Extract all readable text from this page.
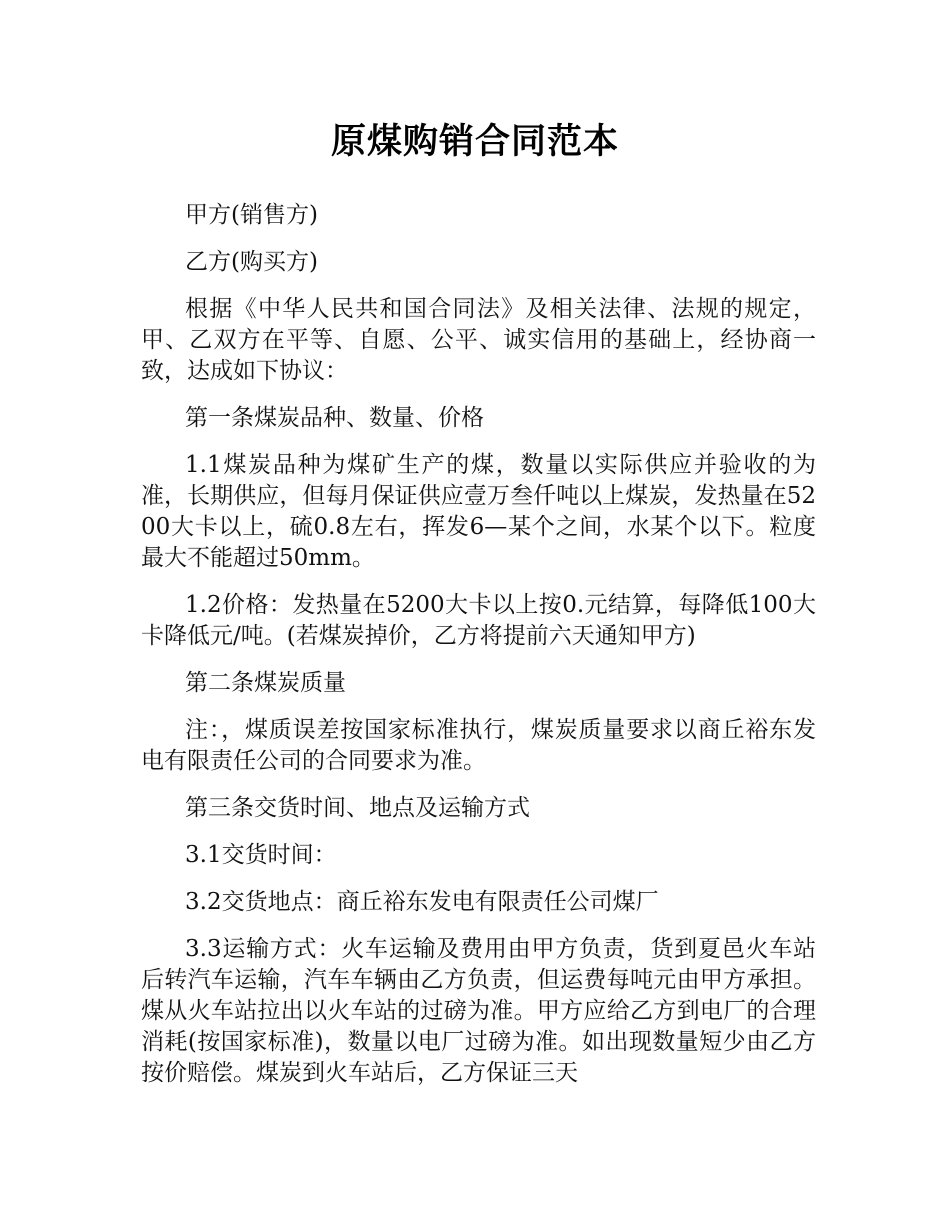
原煤购销合同范本

甲方(销售方)

乙方(购买方)

根据《中华人民共和国合同法》及相关法律、法规的规定，甲、乙双方在平等、自愿、公平、诚实信用的基础上，经协商一致，达成如下协议：

第一条煤炭品种、数量、价格

1.1煤炭品种为煤矿生产的煤，数量以实际供应并验收的为准，长期供应，但每月保证供应壹万叁仟吨以上煤炭，发热量在5200大卡以上，硫0.8左右，挥发6—某个之间，水某个以下。粒度最大不能超过50mm。

1.2价格：发热量在5200大卡以上按0.元结算，每降低100大卡降低元/吨。(若煤炭掉价，乙方将提前六天通知甲方)

第二条煤炭质量

注：，煤质误差按国家标准执行，煤炭质量要求以商丘裕东发电有限责任公司的合同要求为准。

第三条交货时间、地点及运输方式

3.1交货时间：

3.2交货地点：商丘裕东发电有限责任公司煤厂

3.3运输方式：火车运输及费用由甲方负责，货到夏邑火车站后转汽车运输，汽车车辆由乙方负责，但运费每吨元由甲方承担。煤从火车站拉出以火车站的过磅为准。甲方应给乙方到电厂的合理消耗(按国家标准)，数量以电厂过磅为准。如出现数量短少由乙方按价赔偿。煤炭到火车站后，乙方保证三天
